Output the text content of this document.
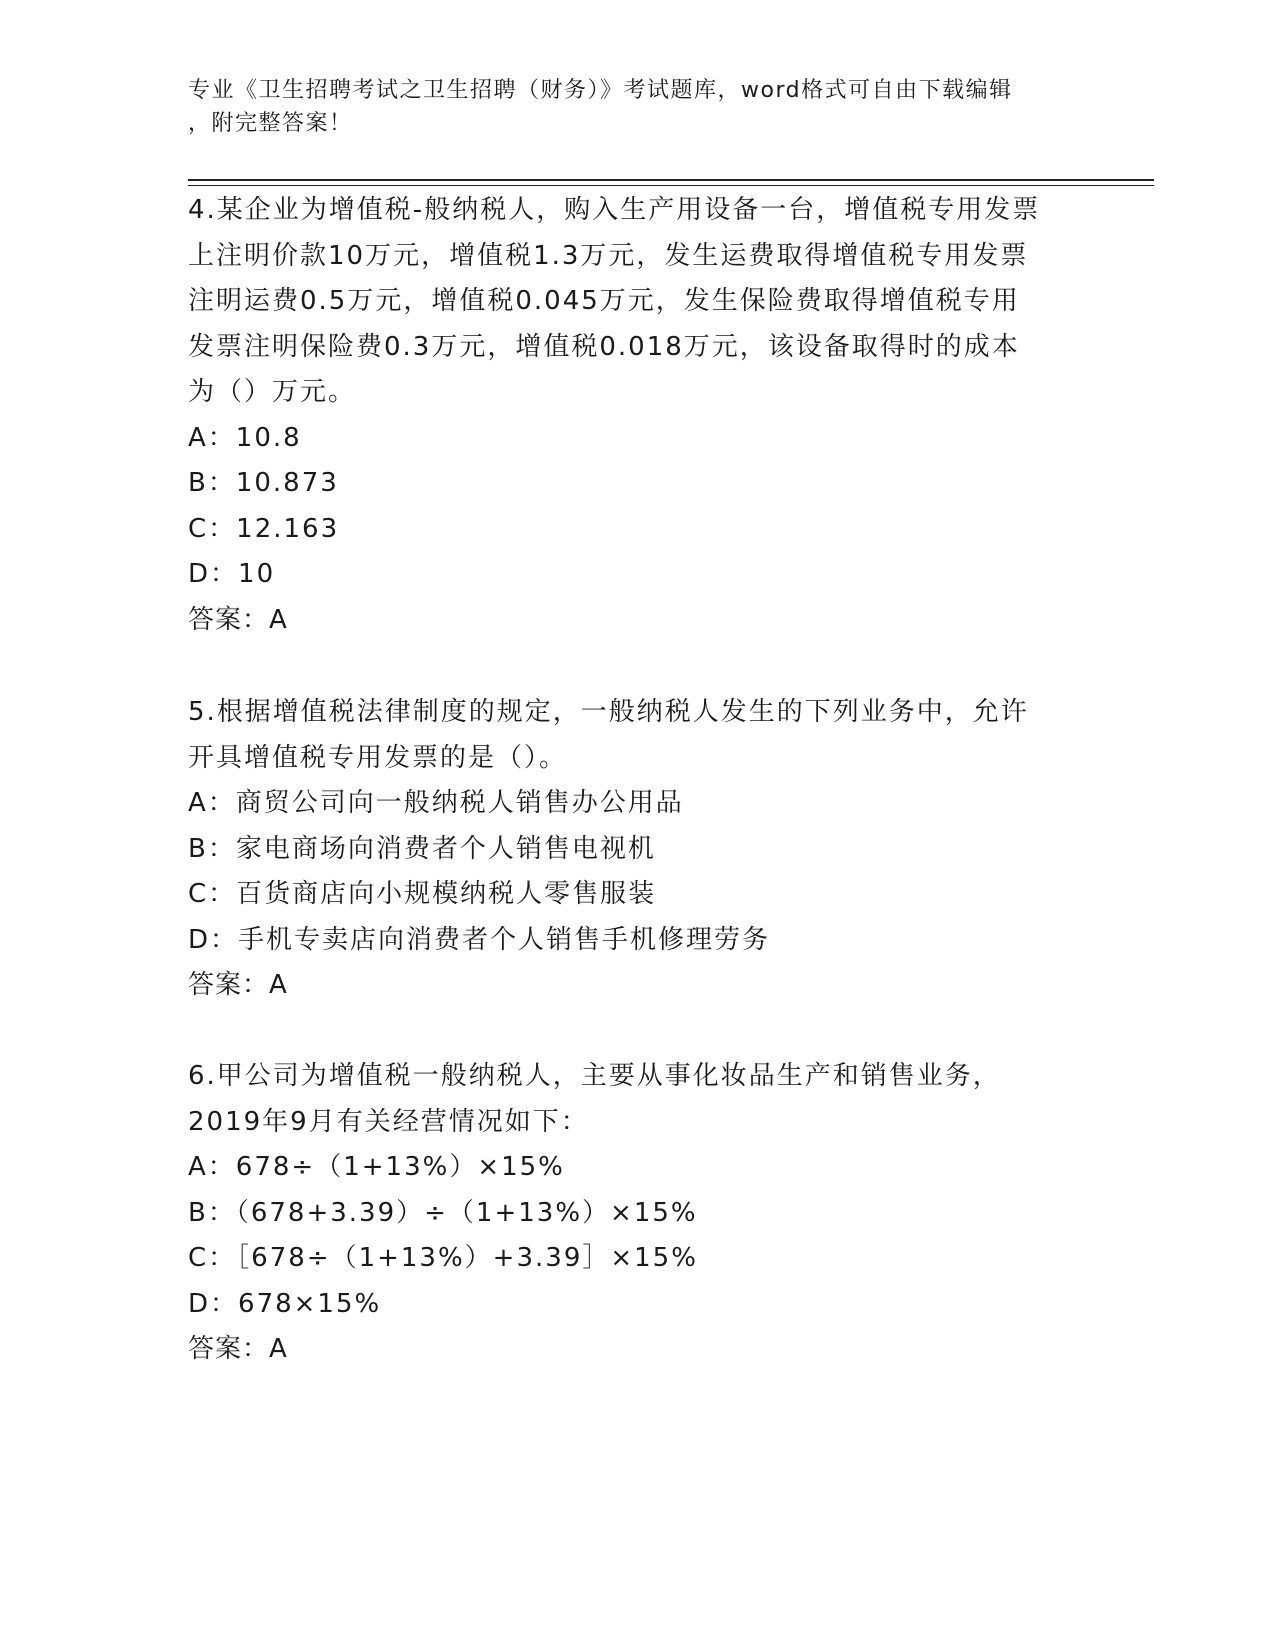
专业《卫生招聘考试之卫生招聘（财务）》考试题库，word格式可自由下载编辑
，附完整答案！

4.某企业为增值税-般纳税人，购入生产用设备一台，增值税专用发票

上注明价款10万元，增值税1.3万元，发生运费取得增值税专用发票

注明运费0.5万元，增值税0.045万元，发生保险费取得增值税专用

发票注明保险费0.3万元，增值税0.018万元，该设备取得时的成本

为（）万元。

A：10.8

B：10.873

C：12.163

D：10

答案：A

5.根据增值税法律制度的规定，一般纳税人发生的下列业务中，允许

开具增值税专用发票的是（）。

A：商贸公司向一般纳税人销售办公用品

B：家电商场向消费者个人销售电视机

C：百货商店向小规模纳税人零售服装

D：手机专卖店向消费者个人销售手机修理劳务

答案：A

6.甲公司为增值税一般纳税人，主要从事化妆品生产和销售业务，

2019年9月有关经营情况如下：

A：678÷（1+13%）×15%

B：（678+3.39）÷（1+13%）×15%

C：［678÷（1+13%）+3.39］×15%

D：678×15%

答案：A
